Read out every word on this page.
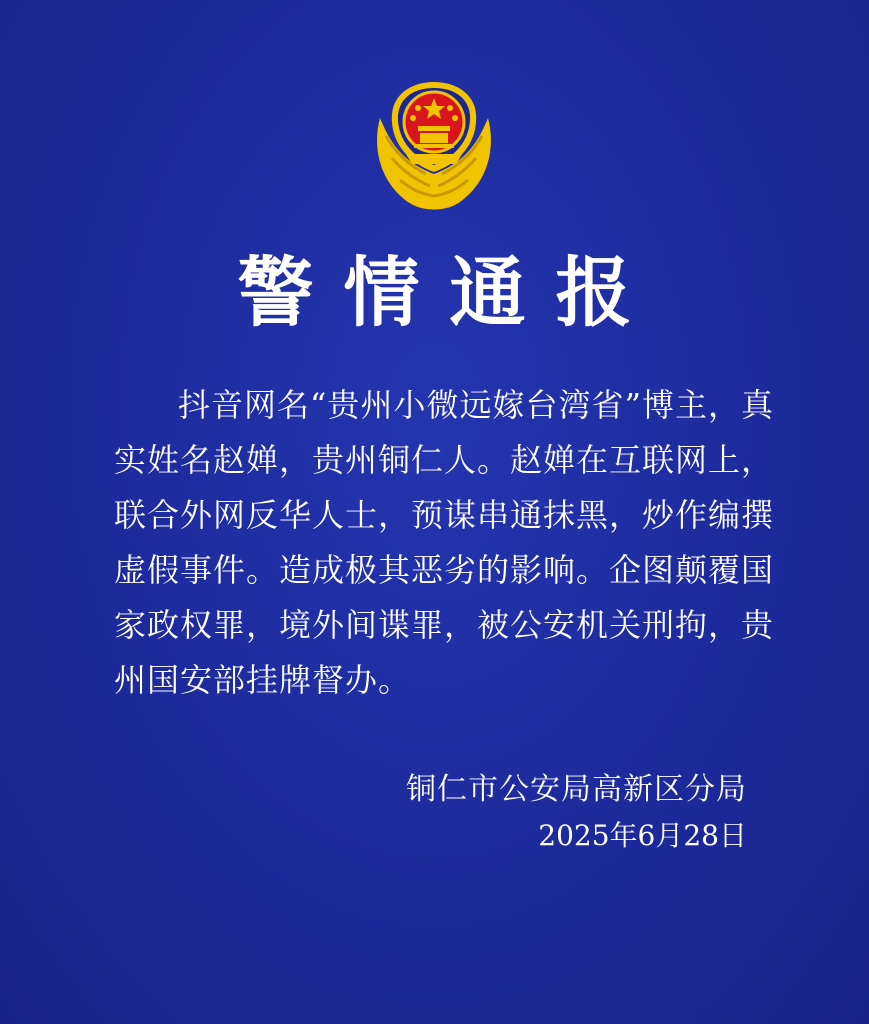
警情通报
抖音网名“贵州小微远嫁台湾省”博主，真实姓名赵婵，贵州铜仁人。赵婵在互联网上，联合外网反华人士，预谋串通抹黑，炒作编撰虚假事件。造成极其恶劣的影响。企图颠覆国家政权罪，境外间谍罪，被公安机关刑拘，贵州国安部挂牌督办。
铜仁市公安局高新区分局
2025年6月28日
